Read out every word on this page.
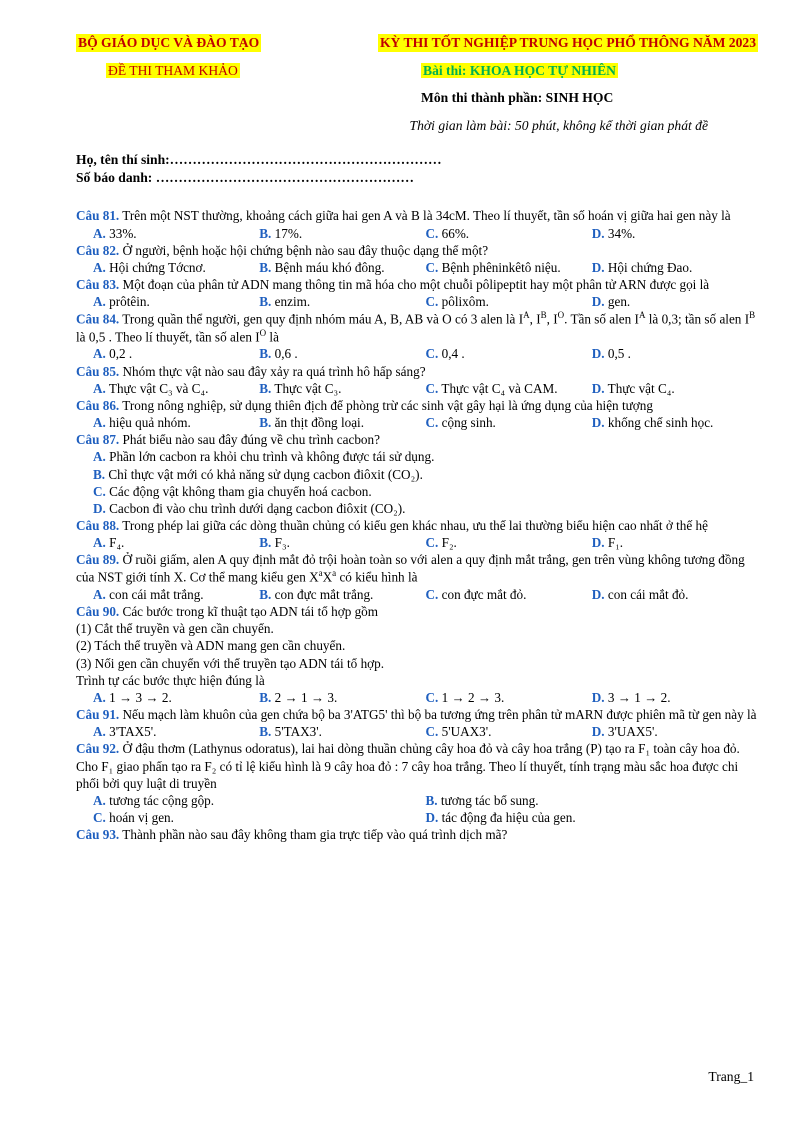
BỘ GIÁO DỤC VÀ ĐÀO TẠO	KỲ THI TỐT NGHIỆP TRUNG HỌC PHỔ THÔNG NĂM 2023
ĐỀ THI THAM KHẢO	Bài thi: KHOA HỌC TỰ NHIÊN
Môn thi thành phần: SINH HỌC
Thời gian làm bài: 50 phút, không kể thời gian phát đề
Họ, tên thí sinh:……………………………………………………
Số báo danh: …………………………………………………
Câu 81. Trên một NST thường, khoảng cách giữa hai gen A và B là 34cM. Theo lí thuyết, tần số hoán vị giữa hai gen này là
A. 33%.	B. 17%.	C. 66%.	D. 34%.
Câu 82. Ở người, bệnh hoặc hội chứng bệnh nào sau đây thuộc dạng thể một?
A. Hội chứng Tớcnơ.	B. Bệnh máu khó đông.	C. Bệnh phêninkêtô niệu.	D. Hội chứng Đao.
Câu 83. Một đoạn của phân tử ADN mang thông tin mã hóa cho một chuỗi pôlipeptit hay một phân tử ARN được gọi là
A. prôtêin.	B. enzim.	C. pôlixôm.	D. gen.
Câu 84. Trong quần thể người, gen quy định nhóm máu A, B, AB và O có 3 alen là $I^A$, $I^B$, $I^O$. Tần số alen $I^A$ là 0,3; tần số alen $I^B$ là 0,5 . Theo lí thuyết, tần số alen $I^O$ là
A. 0,2 .	B. 0,6 .	C. 0,4 .	D. 0,5 .
Câu 85. Nhóm thực vật nào sau đây xảy ra quá trình hô hấp sáng?
A. Thực vật C₃ và C₄.	B. Thực vật C₃.	C. Thực vật C₄ và CAM.	D. Thực vật C₄.
Câu 86. Trong nông nghiệp, sử dụng thiên địch để phòng trừ các sinh vật gây hại là ứng dụng của hiện tượng
A. hiệu quả nhóm.	B. ăn thịt đồng loại.	C. cộng sinh.	D. khống chế sinh học.
Câu 87. Phát biểu nào sau đây đúng về chu trình cacbon?
A. Phần lớn cacbon ra khỏi chu trình và không được tái sử dụng.
B. Chỉ thực vật mới có khả năng sử dụng cacbon điôxit (CO₂).
C. Các động vật không tham gia chuyển hoá cacbon.
D. Cacbon đi vào chu trình dưới dạng cacbon điôxit (CO₂).
Câu 88. Trong phép lai giữa các dòng thuần chủng có kiểu gen khác nhau, ưu thế lai thường biểu hiện cao nhất ở thế hệ
A. F₄.	B. F₃.	C. F₂.	D. F₁.
Câu 89. Ở ruồi giấm, alen A quy định mắt đỏ trội hoàn toàn so với alen a quy định mắt trắng, gen trên vùng không tương đồng của NST giới tính X. Cơ thể mang kiểu gen $X^aX^a$ có kiểu hình là
A. con cái mắt trắng.	B. con đực mắt trắng.	C. con đực mắt đỏ.	D. con cái mắt đỏ.
Câu 90. Các bước trong kĩ thuật tạo ADN tái tổ hợp gồm
(1) Cắt thể truyền và gen cần chuyển.
(2) Tách thể truyền và ADN mang gen cần chuyển.
(3) Nối gen cần chuyển với thể truyền tạo ADN tái tổ hợp.
Trình tự các bước thực hiện đúng là
A. 1 → 3 → 2.	B. 2 → 1 → 3.	C. 1 → 2 → 3.	D. 3 → 1 → 2.
Câu 91. Nếu mạch làm khuôn của gen chứa bộ ba 3'ATG5' thì bộ ba tương ứng trên phân tử mARN được phiên mã từ gen này là
A. 3'TAX5'.	B. 5'TAX3'.	C. 5'UAX3'.	D. 3'UAX5'.
Câu 92. Ở đậu thơm (Lathynus odoratus), lai hai dòng thuần chủng cây hoa đỏ và cây hoa trắng (P) tạo ra F₁ toàn cây hoa đỏ. Cho F₁ giao phấn tạo ra F₂ có tỉ lệ kiểu hình là 9 cây hoa đỏ : 7 cây hoa trắng. Theo lí thuyết, tính trạng màu sắc hoa được chi phối bởi quy luật di truyền
A. tương tác cộng gộp.	B. tương tác bổ sung.
C. hoán vị gen.	D. tác động đa hiệu của gen.
Câu 93. Thành phần nào sau đây không tham gia trực tiếp vào quá trình dịch mã?
Trang_1
